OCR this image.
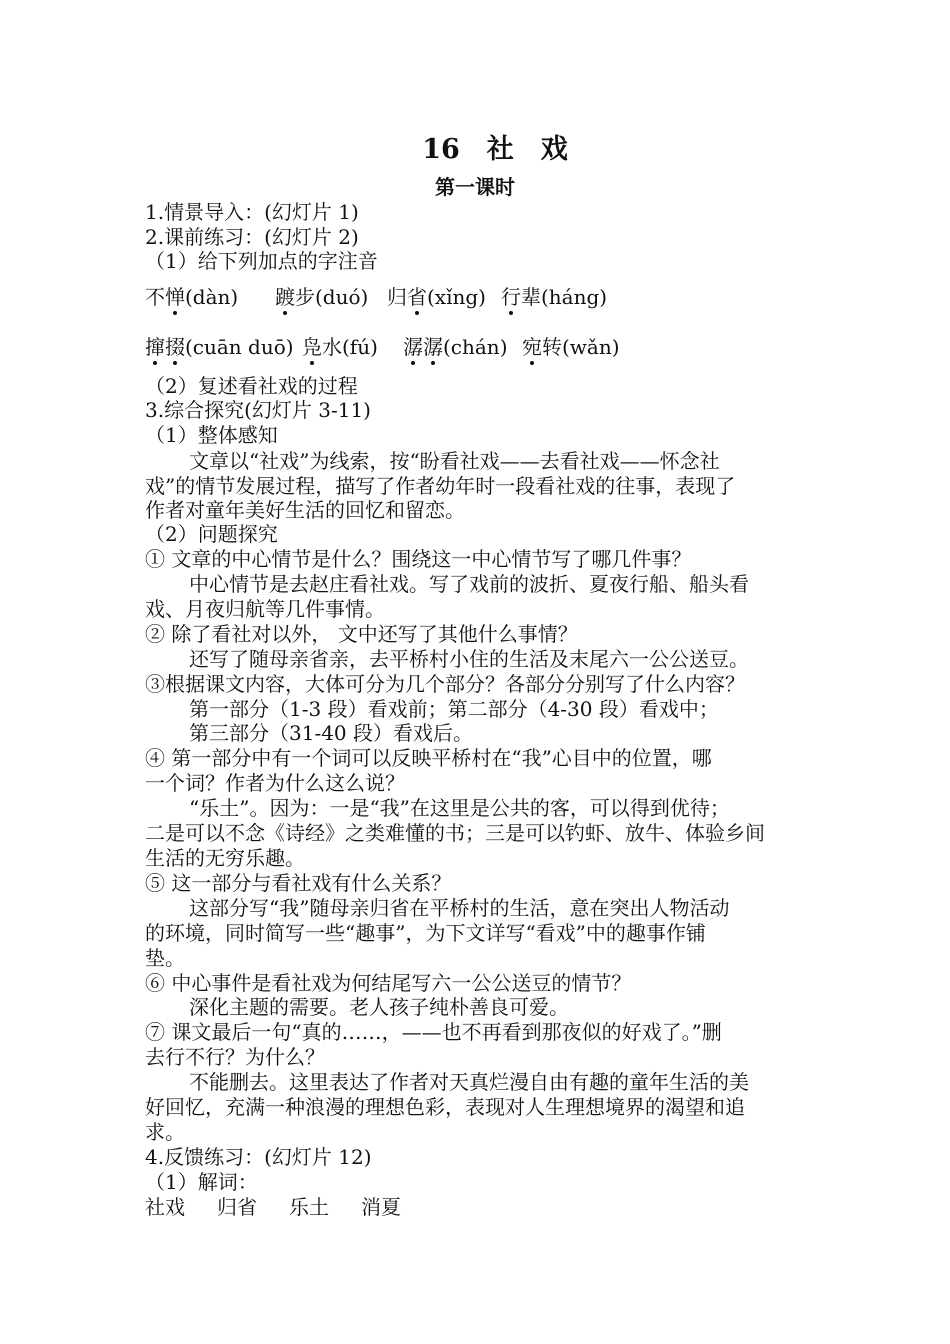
16　社　戏
第一课时
1.情景导入：(幻灯片 1)
2.课前练习：(幻灯片 2)
（1）给下列加点的字注音
不惮
(dàn) 踱
步(duó) 归省
(xǐng) 行
辈(háng)
撺掇
(cuān duō) 凫
水(fú) 潺潺
(chán) 宛
转(wǎn)
（2）复述看社戏的过程
3.综合探究(幻灯片 3-11)
（1）整体感知
文章以“社戏”为线索，按“盼看社戏——去看社戏——怀念社
戏”的情节发展过程，描写了作者幼年时一段看社戏的往事，表现了
作者对童年美好生活的回忆和留恋。
（2）问题探究
① 文章的中心情节是什么？围绕这一中心情节写了哪几件事？
中心情节是去赵庄看社戏。写了戏前的波折、夏夜行船、船头看
戏、月夜归航等几件事情。
② 除了看社对以外， 文中还写了其他什么事情？
还写了随母亲省亲，去平桥村小住的生活及末尾六一公公送豆。
③根据课文内容，大体可分为几个部分？各部分分别写了什么内容？
第一部分（1-3 段）看戏前；第二部分（4-30 段）看戏中；
第三部分（31-40 段）看戏后。
④ 第一部分中有一个词可以反映平桥村在“我”心目中的位置，哪
一个词？作者为什么这么说？
“乐土”。因为：一是“我”在这里是公共的客，可以得到优待；
二是可以不念《诗经》之类难懂的书；三是可以钓虾、放牛、体验乡间
生活的无穷乐趣。
⑤ 这一部分与看社戏有什么关系？
这部分写“我”随母亲归省在平桥村的生活，意在突出人物活动
的环境，同时简写一些“趣事”，为下文详写“看戏”中的趣事作铺
垫。
⑥ 中心事件是看社戏为何结尾写六一公公送豆的情节？
深化主题的需要。老人孩子纯朴善良可爱。
⑦ 课文最后一句“真的……，——也不再看到那夜似的好戏了。”删
去行不行？为什么？
不能删去。这里表达了作者对天真烂漫自由有趣的童年生活的美
好回忆，充满一种浪漫的理想色彩，表现对人生理想境界的渴望和追
求。
4.反馈练习：(幻灯片 12)
（1）解词：
社戏 归省 乐土 消夏
